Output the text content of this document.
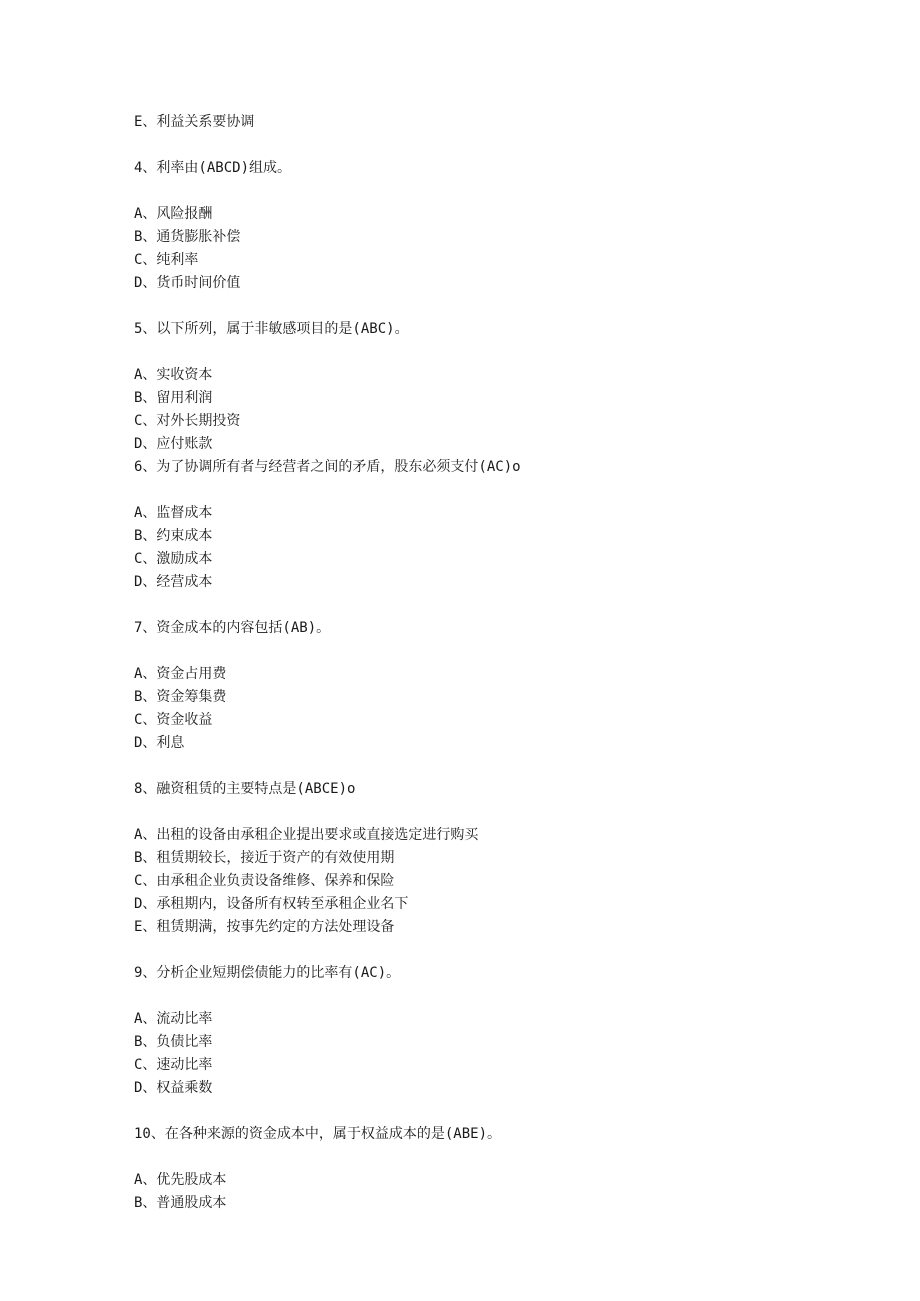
E、利益关系要协调
4、利率由(ABCD)组成。
A、风险报酬
B、通货膨胀补偿
C、纯利率
D、货币时间价值
5、以下所列，属于非敏感项目的是(ABC)。
A、实收资本
B、留用利润
C、对外长期投资
D、应付账款
6、为了协调所有者与经营者之间的矛盾，股东必须支付(AC)o
A、监督成本
B、约束成本
C、激励成本
D、经营成本
7、资金成本的内容包括(AB)。
A、资金占用费
B、资金筹集费
C、资金收益
D、利息
8、融资租赁的主要特点是(ABCE)o
A、出租的设备由承租企业提出要求或直接选定进行购买
B、租赁期较长，接近于资产的有效使用期
C、由承租企业负责设备维修、保养和保险
D、承租期内，设备所有权转至承租企业名下
E、租赁期满，按事先约定的方法处理设备
9、分析企业短期偿债能力的比率有(AC)。
A、流动比率
B、负债比率
C、速动比率
D、权益乘数
10、在各种来源的资金成本中，属于权益成本的是(ABE)。
A、优先股成本
B、普通股成本
